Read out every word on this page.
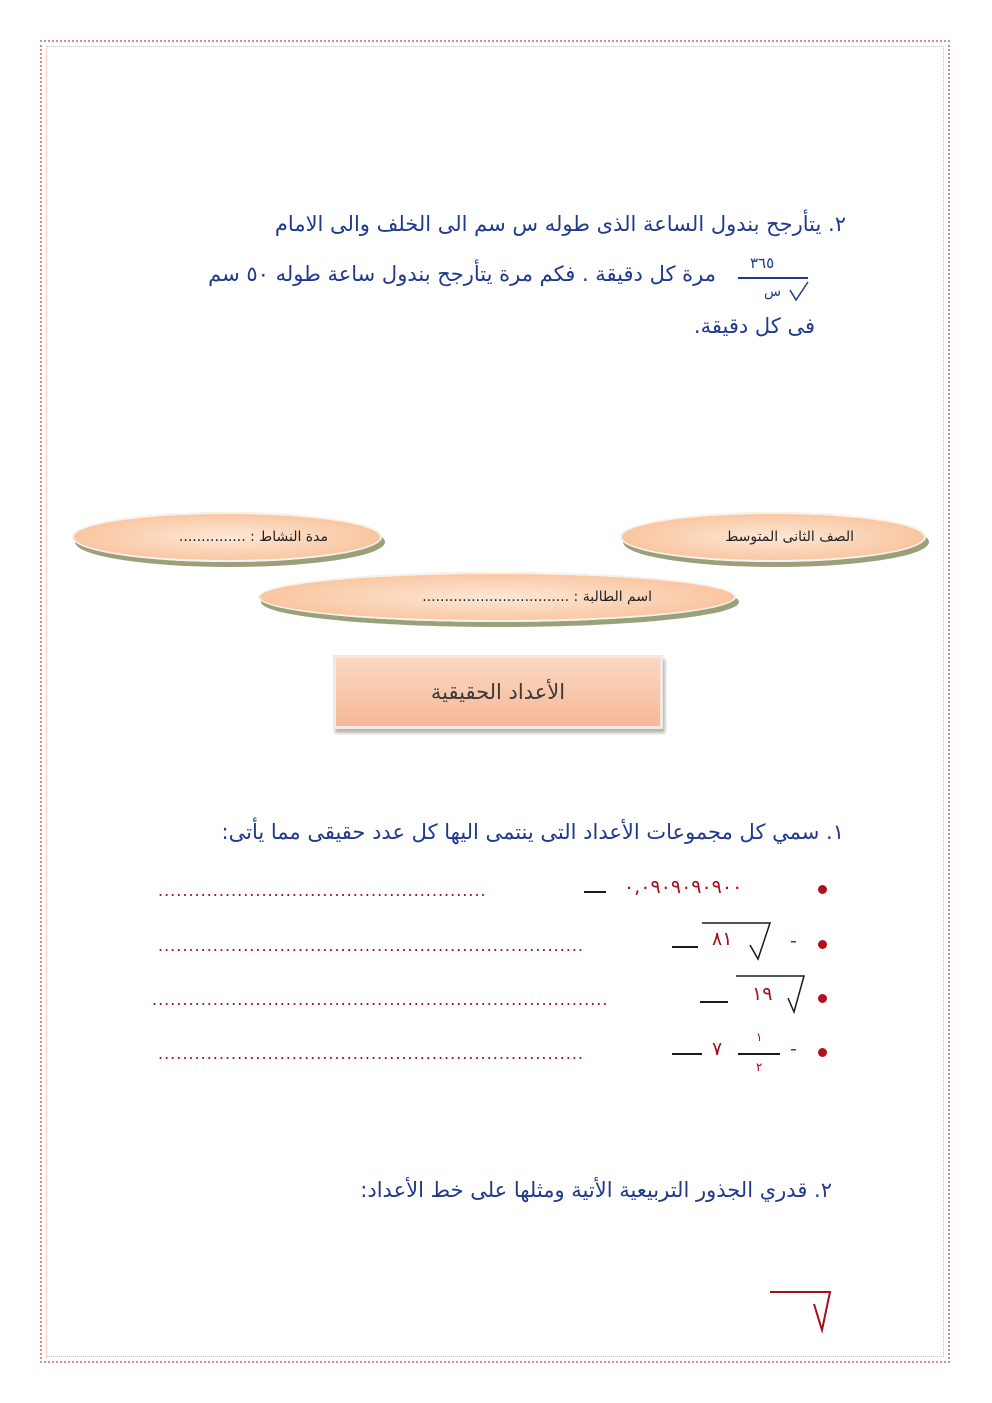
٢. يتأرجح بندول الساعة الذى طوله س سم الى الخلف والى الامام
٣٦٥
س
مرة كل دقيقة . فكم مرة يتأرجح بندول ساعة طوله ٥٠ سم
فى كل دقيقة.
الصف الثانى المتوسط
مدة النشاط : ...............
اسم الطالبة : .................................
الأعداد الحقيقية
١. سمي كل مجموعات الأعداد التى ينتمى اليها كل عدد حقيقى مما يأتى:
٠,٠٩٠٩٠٩٠٩٠٠
......................................................
-
٨١
......................................................................
١٩
...........................................................................
-
١
٢
٧
......................................................................
٢. قدري الجذور التربيعية الأتية ومثلها على خط الأعداد:
